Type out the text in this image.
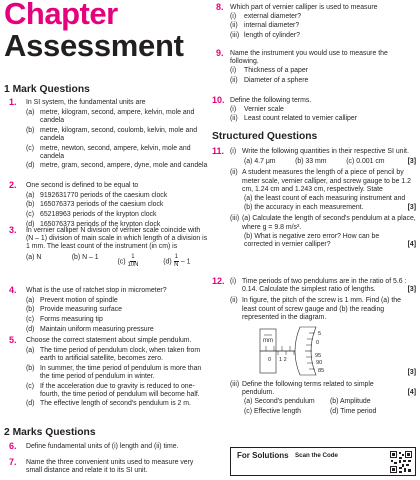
Chapter
Assessment
1 Mark Questions
1. In SI system, the fundamental units are
(a) metre, kilogram, second, ampere, kelvin, mole and candela
(b) metre, kilogram, second, coulomb, kelvin, mole and candela
(c) metre, newton, second, ampere, kelvin, mole and candela
(d) metre, gram, second, ampere, dyne, mole and candela
2. One second is defined to be equal to
(a) 9192631770 periods of the caesium clock
(b) 165076373 periods of the caesium clock
(c) 65218963 periods of the krypton clock
(d) 165076373 periods of the krypton clock
3. In vernier calliper N division of vernier scale coincide with (N – 1) division of main scale in which length of a division is 1 mm. The least count of the instrument (in cm) is
(a) N	(b) N – 1
$(c) \frac{1}{10N}$	$(d) \frac{1}{N} - 1$
4. What is the use of ratchet stop in micrometer?
(a) Prevent motion of spindle
(b) Provide measuring surface
(c) Forms measuring tip
(d) Maintain uniform measuring pressure
5. Choose the correct statement about simple pendulum.
(a) The time period of pendulum clock, when taken from earth to artificial satellite, becomes zero.
(b) In summer, the time period of pendulum is more than the time period of pendulum in winter.
(c) If the acceleration due to gravity is reduced to one-fourth, the time period of pendulum will become half.
(d) The effective length of second's pendulum is 2 m.
2 Marks Questions
6. Define fundamental units of (i) length and (ii) time.
7. Name the three convenient units used to measure very small distance and relate it to its SI unit.
8. Which part of vernier calliper is used to measure
(i)	external diameter?
(ii) internal diameter?
(iii) length of cylinder?
9. Name the instrument you would use to measure the following.
(i)	Thickness of a paper
(ii) Diameter of a sphere
10. Define the following terms.
(i)	Vernier scale
(ii) Least count related to vernier calliper
Structured Questions
11. (i) Write the following quantities in their respective SI unit.
(a) 4.7 μm	(b) 33 mm	(c) 0.001 cm	[3]
(ii) A student measures the length of a piece of pencil by meter scale, vernier calliper, and screw gauge to be 1.2 cm, 1.24 cm and 1.243 cm, respectively. State
(a) the least count of each measuring instrument and
(b) the accuracy in each measurement.	[3]
(iii) (a) Calculate the length of second's pendulum at a place, where g = 9.8 m/s².
(b) What is negative zero error? How can be corrected in vernier calliper?	[4]
12. (i) Time periods of two pendulums are in the ratio of 5.6 : 0.14. Calculate the simplest ratio of lengths.	[3]
(ii) In figure, the pitch of the screw is 1 mm. Find (a) the least count of screw gauge and (b) the reading represented in the diagram.
mm
0 1 2
5
0
95
90
85	[3]
(iii) Define the following terms related to simple pendulum.	[4]
(a) Second's pendulum	(b) Amplitude
(c) Effective length	(d) Time period
For Solutions Scan the Code
